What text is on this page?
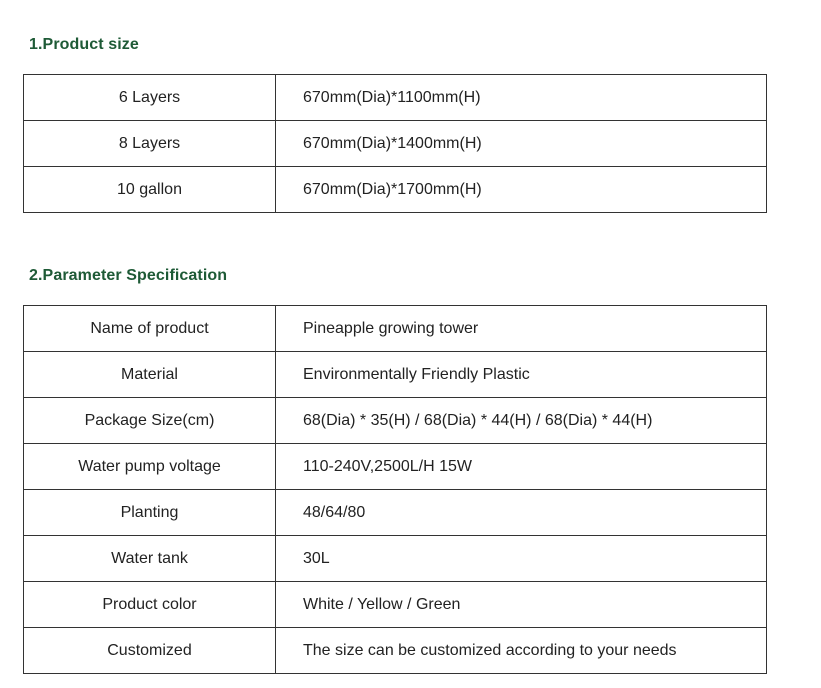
1.Product size
6 Layers	670mm(Dia)*1100mm(H)
8 Layers	670mm(Dia)*1400mm(H)
10 gallon	670mm(Dia)*1700mm(H)
2.Parameter Specification
Name of product	Pineapple growing tower
Material	Environmentally Friendly Plastic
Package Size(cm)	68(Dia) * 35(H) / 68(Dia) * 44(H) / 68(Dia) * 44(H)
Water pump voltage	110-240V,2500L/H 15W
Planting	48/64/80
Water tank	30L
Product color	White / Yellow / Green
Customized	The size can be customized according to your needs
